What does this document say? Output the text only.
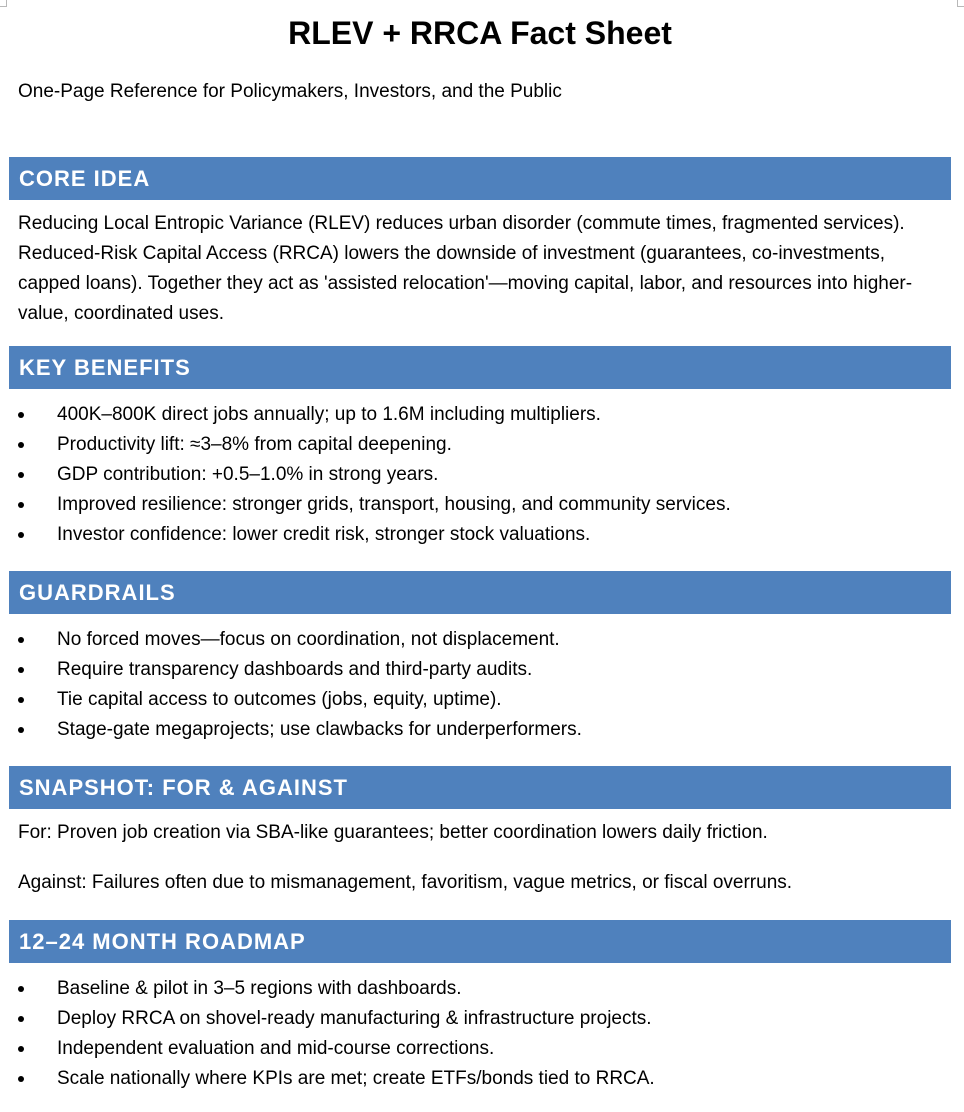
RLEV + RRCA Fact Sheet

One-Page Reference for Policymakers, Investors, and the Public

CORE IDEA

Reducing Local Entropic Variance (RLEV) reduces urban disorder (commute times, fragmented services). Reduced-Risk Capital Access (RRCA) lowers the downside of investment (guarantees, co-investments, capped loans). Together they act as 'assisted relocation'—moving capital, labor, and resources into higher-value, coordinated uses.

KEY BENEFITS
400K–800K direct jobs annually; up to 1.6M including multipliers.
Productivity lift: ≈3–8% from capital deepening.
GDP contribution: +0.5–1.0% in strong years.
Improved resilience: stronger grids, transport, housing, and community services.
Investor confidence: lower credit risk, stronger stock valuations.
GUARDRAILS
No forced moves—focus on coordination, not displacement.
Require transparency dashboards and third-party audits.
Tie capital access to outcomes (jobs, equity, uptime).
Stage-gate megaprojects; use clawbacks for underperformers.
SNAPSHOT: FOR & AGAINST

For: Proven job creation via SBA-like guarantees; better coordination lowers daily friction.

Against: Failures often due to mismanagement, favoritism, vague metrics, or fiscal overruns.

12–24 MONTH ROADMAP
Baseline & pilot in 3–5 regions with dashboards.
Deploy RRCA on shovel-ready manufacturing & infrastructure projects.
Independent evaluation and mid-course corrections.
Scale nationally where KPIs are met; create ETFs/bonds tied to RRCA.
